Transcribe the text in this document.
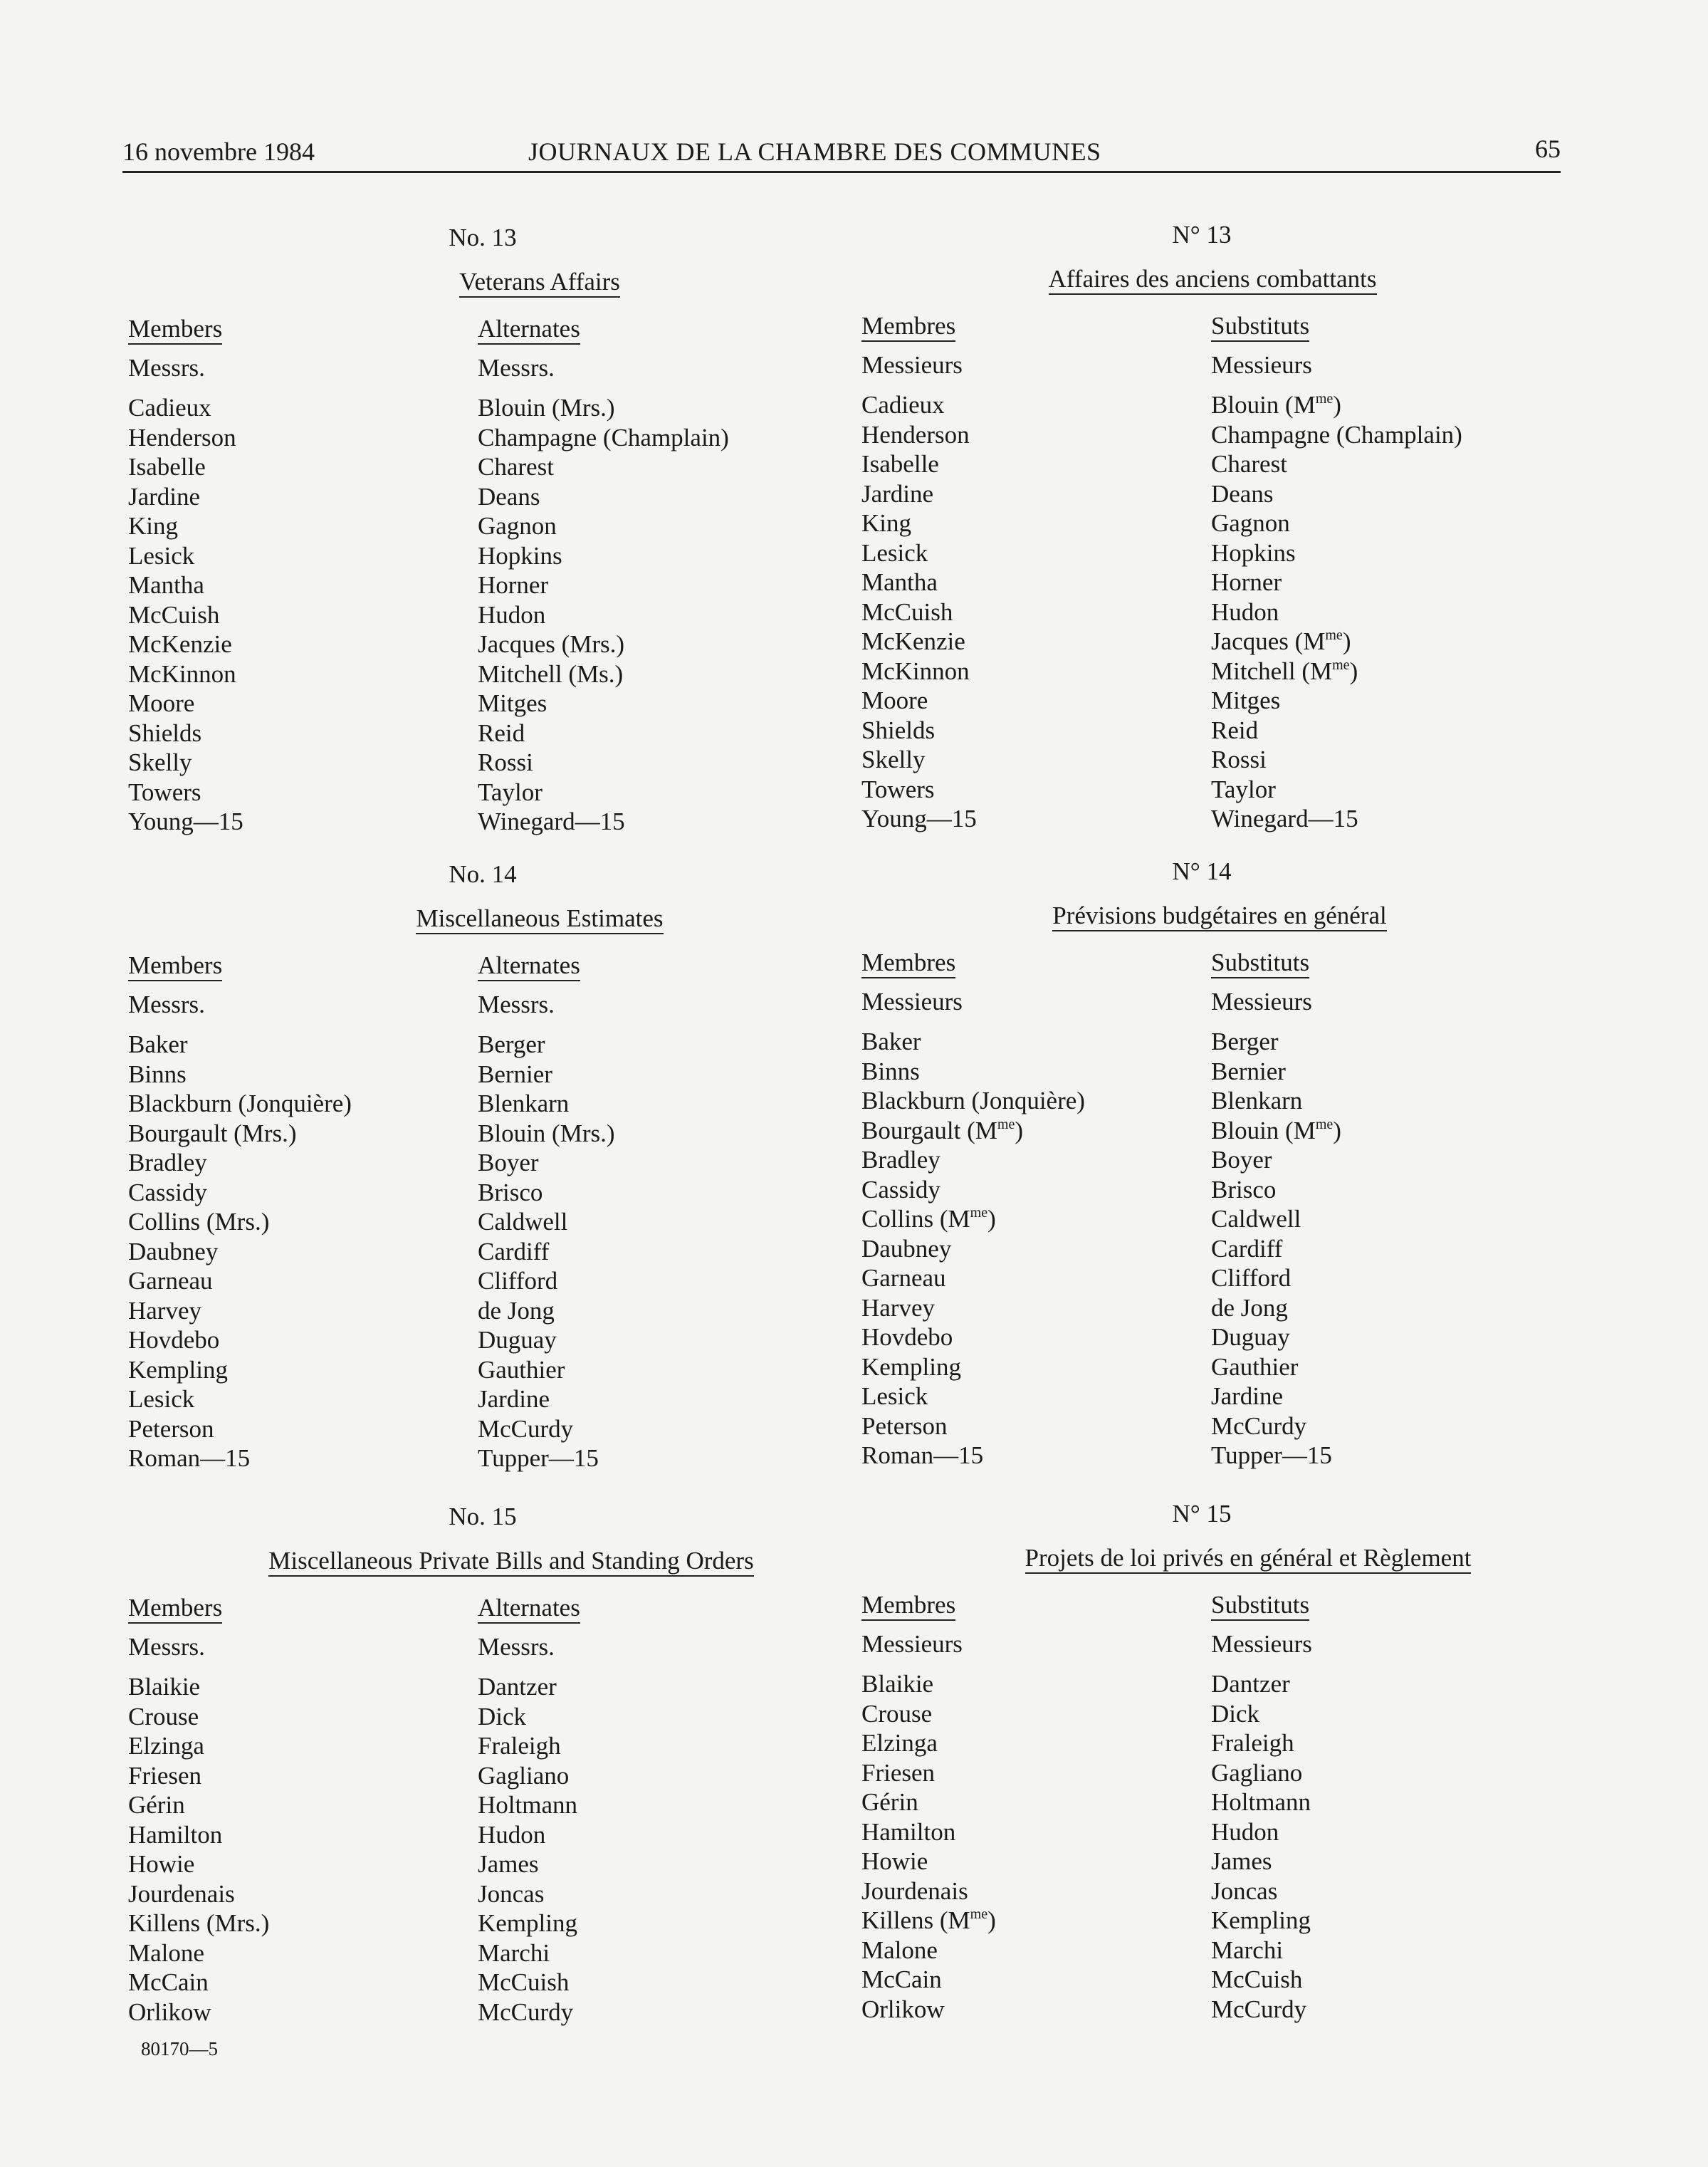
16 novembre 1984	JOURNAUX DE LA CHAMBRE DES COMMUNES	65
No. 13
Veterans Affairs
Members
Messrs.
Cadieux
Henderson
Isabelle
Jardine
King
Lesick
Mantha
McCuish
McKenzie
McKinnon
Moore
Shields
Skelly
Towers
Young—15
Alternates
Messrs.
Blouin (Mrs.)
Champagne (Champlain)
Charest
Deans
Gagnon
Hopkins
Horner
Hudon
Jacques (Mrs.)
Mitchell (Ms.)
Mitges
Reid
Rossi
Taylor
Winegard—15
N° 13
Affaires des anciens combattants
Membres
Messieurs
Cadieux
Henderson
Isabelle
Jardine
King
Lesick
Mantha
McCuish
McKenzie
McKinnon
Moore
Shields
Skelly
Towers
Young—15
Substituts
Messieurs
Blouin $(M^{me})$
Champagne (Champlain)
Charest
Deans
Gagnon
Hopkins
Horner
Hudon
Jacques $(M^{me})$
Mitchell $(M^{me})$
Mitges
Reid
Rossi
Taylor
Winegard—15
No. 14
Miscellaneous Estimates
Members
Messrs.
Baker
Binns
Blackburn (Jonquière)
Bourgault (Mrs.)
Bradley
Cassidy
Collins (Mrs.)
Daubney
Garneau
Harvey
Hovdebo
Kempling
Lesick
Peterson
Roman—15
Alternates
Messrs.
Berger
Bernier
Blenkarn
Blouin (Mrs.)
Boyer
Brisco
Caldwell
Cardiff
Clifford
de Jong
Duguay
Gauthier
Jardine
McCurdy
Tupper—15
N° 14
Prévisions budgétaires en général
Membres
Messieurs
Baker
Binns
Blackburn (Jonquière)
Bourgault $(M^{me})$
Bradley
Cassidy
Collins $(M^{me})$
Daubney
Garneau
Harvey
Hovdebo
Kempling
Lesick
Peterson
Roman—15
Substituts
Messieurs
Berger
Bernier
Blenkarn
Blouin $(M^{me})$
Boyer
Brisco
Caldwell
Cardiff
Clifford
de Jong
Duguay
Gauthier
Jardine
McCurdy
Tupper—15
No. 15
Miscellaneous Private Bills and Standing Orders
Members
Messrs.
Blaikie
Crouse
Elzinga
Friesen
Gérin
Hamilton
Howie
Jourdenais
Killens (Mrs.)
Malone
McCain
Orlikow
Alternates
Messrs.
Dantzer
Dick
Fraleigh
Gagliano
Holtmann
Hudon
James
Joncas
Kempling
Marchi
McCuish
McCurdy
N° 15
Projets de loi privés en général et Règlement
Membres
Messieurs
Blaikie
Crouse
Elzinga
Friesen
Gérin
Hamilton
Howie
Jourdenais
Killens $(M^{me})$
Malone
McCain
Orlikow
Substituts
Messieurs
Dantzer
Dick
Fraleigh
Gagliano
Holtmann
Hudon
James
Joncas
Kempling
Marchi
McCuish
McCurdy
80170—5
